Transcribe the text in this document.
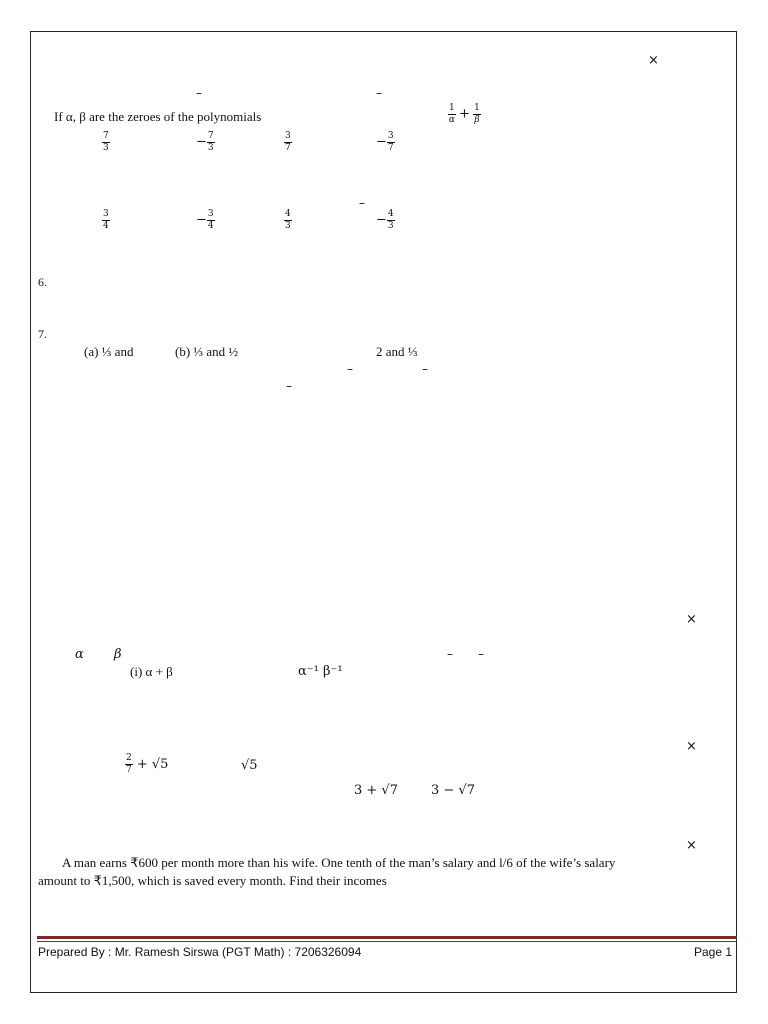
×
–	–
If α, β are the zeroes of the polynomials	$\frac{1}{\alpha} + \frac{1}{\beta}$
$\frac{7}{3}$	− $\frac{7}{3}$	$\frac{3}{7}$	− $\frac{3}{7}$
–
$\frac{3}{4}$	− $\frac{3}{4}$	$\frac{4}{3}$	− $\frac{4}{3}$
6.
7.
(a) ⅓ and	(b) ⅓ and ½	2 and ⅓
–	–
–
×
α β	– –
(i) α + β	α⁻¹ β⁻¹
×
$\frac{2}{7} + √5$	√5
3 + √7	3 − √7
×
A man earns ₹600 per month more than his wife. One tenth of the man’s salary and l/6 of the wife’s salary
amount to ₹1,500, which is saved every month. Find their incomes
Prepared By : Mr. Ramesh Sirswa (PGT Math) : 7206326094	Page 1
